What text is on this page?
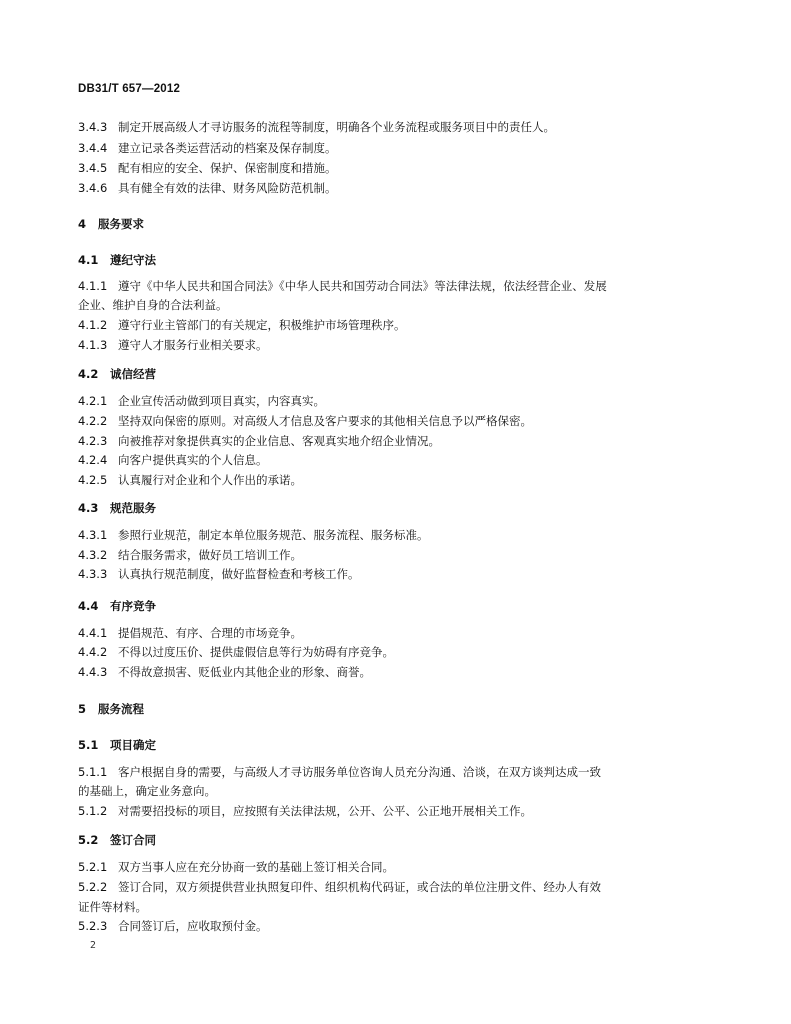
DB31/T 657—2012
3.4.3 制定开展高级人才寻访服务的流程等制度，明确各个业务流程或服务项目中的责任人。
3.4.4 建立记录各类运营活动的档案及保存制度。
3.4.5 配有相应的安全、保护、保密制度和措施。
3.4.6 具有健全有效的法律、财务风险防范机制。
4 服务要求
4.1 遵纪守法
4.1.1 遵守《中华人民共和国合同法》《中华人民共和国劳动合同法》等法律法规，依法经营企业、发展
企业、维护自身的合法利益。
4.1.2 遵守行业主管部门的有关规定，积极维护市场管理秩序。
4.1.3 遵守人才服务行业相关要求。
4.2 诚信经营
4.2.1 企业宣传活动做到项目真实，内容真实。
4.2.2 坚持双向保密的原则。对高级人才信息及客户要求的其他相关信息予以严格保密。
4.2.3 向被推荐对象提供真实的企业信息、客观真实地介绍企业情况。
4.2.4 向客户提供真实的个人信息。
4.2.5 认真履行对企业和个人作出的承诺。
4.3 规范服务
4.3.1 参照行业规范，制定本单位服务规范、服务流程、服务标准。
4.3.2 结合服务需求，做好员工培训工作。
4.3.3 认真执行规范制度，做好监督检查和考核工作。
4.4 有序竞争
4.4.1 提倡规范、有序、合理的市场竞争。
4.4.2 不得以过度压价、提供虚假信息等行为妨碍有序竞争。
4.4.3 不得故意损害、贬低业内其他企业的形象、商誉。
5 服务流程
5.1 项目确定
5.1.1 客户根据自身的需要，与高级人才寻访服务单位咨询人员充分沟通、洽谈，在双方谈判达成一致
的基础上，确定业务意向。
5.1.2 对需要招投标的项目，应按照有关法律法规，公开、公平、公正地开展相关工作。
5.2 签订合同
5.2.1 双方当事人应在充分协商一致的基础上签订相关合同。
5.2.2 签订合同，双方须提供营业执照复印件、组织机构代码证，或合法的单位注册文件、经办人有效
证件等材料。
5.2.3 合同签订后，应收取预付金。
2
